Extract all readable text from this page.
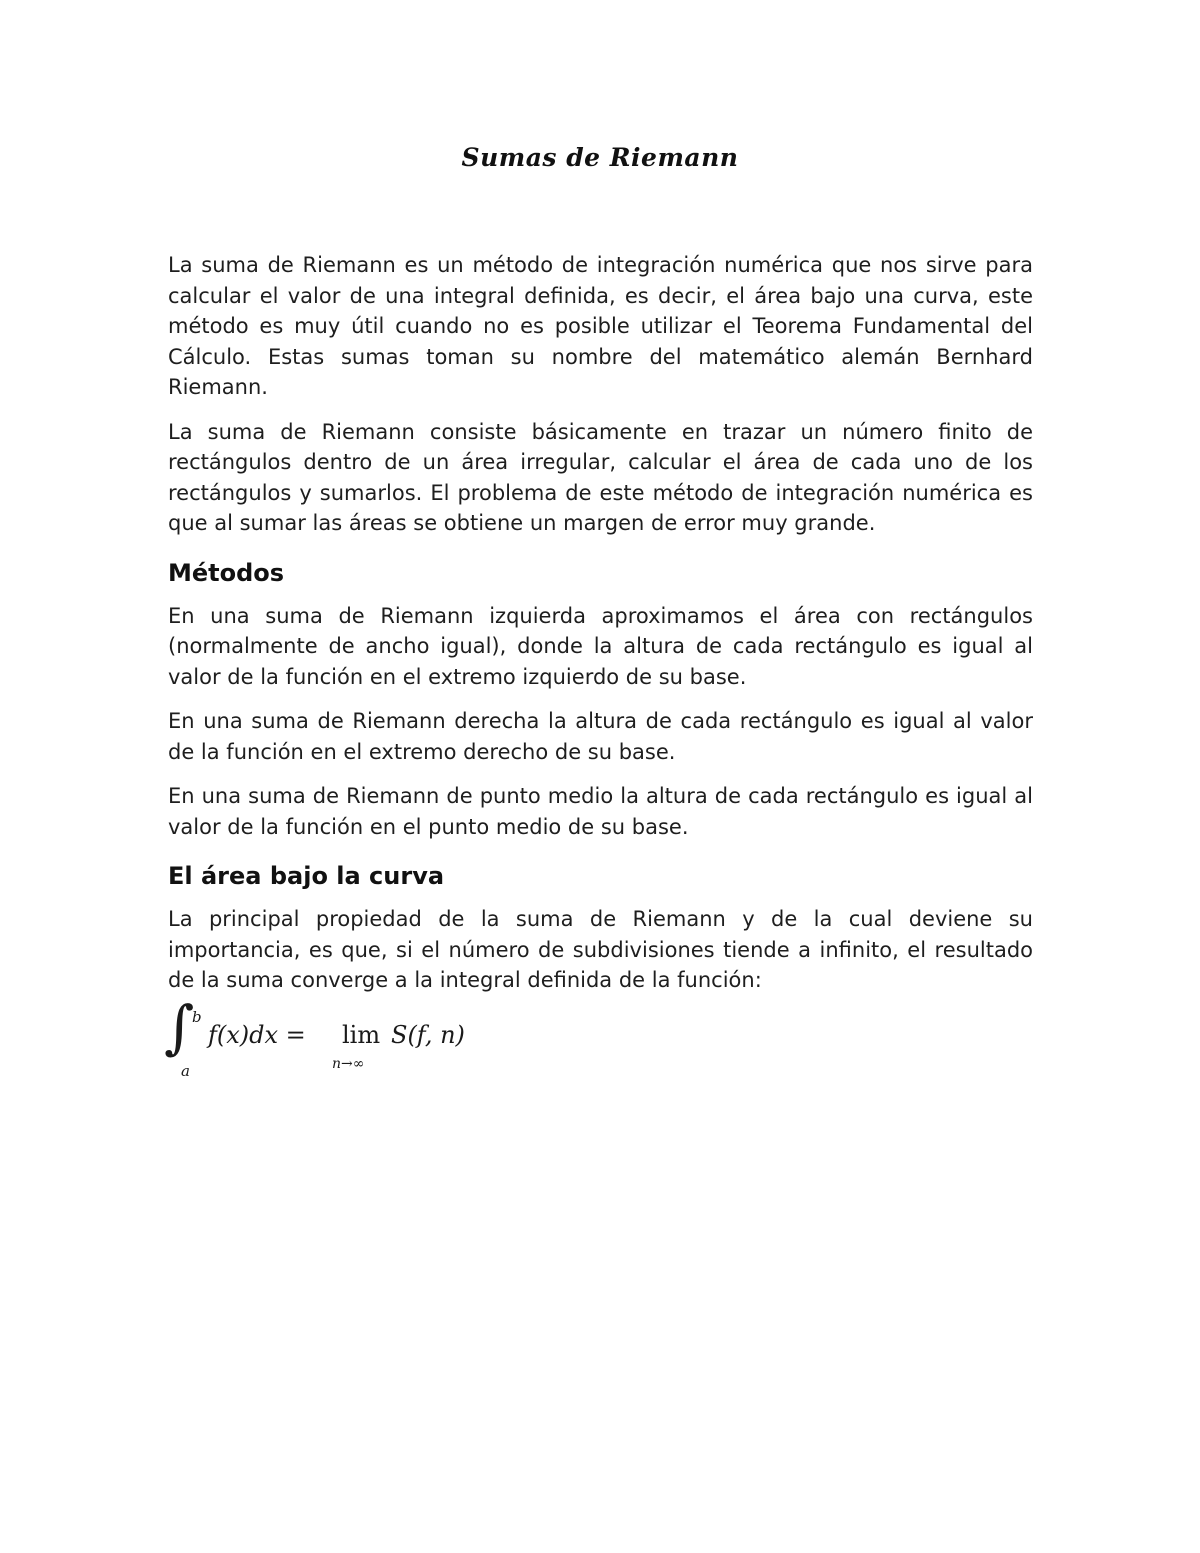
Sumas de Riemann

La suma de Riemann es un método de integración numérica que nos sirve para calcular el valor de una integral definida, es decir, el área bajo una curva, este método es muy útil cuando no es posible utilizar el Teorema Fundamental del Cálculo. Estas sumas toman su nombre del matemático alemán Bernhard Riemann.

La suma de Riemann consiste básicamente en trazar un número finito de rectángulos dentro de un área irregular, calcular el área de cada uno de los rectángulos y sumarlos. El problema de este método de integración numérica es que al sumar las áreas se obtiene un margen de error muy grande.

Métodos

En una suma de Riemann izquierda aproximamos el área con rectángulos (normalmente de ancho igual), donde la altura de cada rectángulo es igual al valor de la función en el extremo izquierdo de su base.

En una suma de Riemann derecha la altura de cada rectángulo es igual al valor de la función en el extremo derecho de su base.

En una suma de Riemann de punto medio la altura de cada rectángulo es igual al valor de la función en el punto medio de su base.

El área bajo la curva

La principal propiedad de la suma de Riemann y de la cual deviene su importancia, es que, si el número de subdivisiones tiende a infinito, el resultado de la suma converge a la integral definida de la función:

∫
b
a
f(x)dx = lim
n→∞
S(f, n)
